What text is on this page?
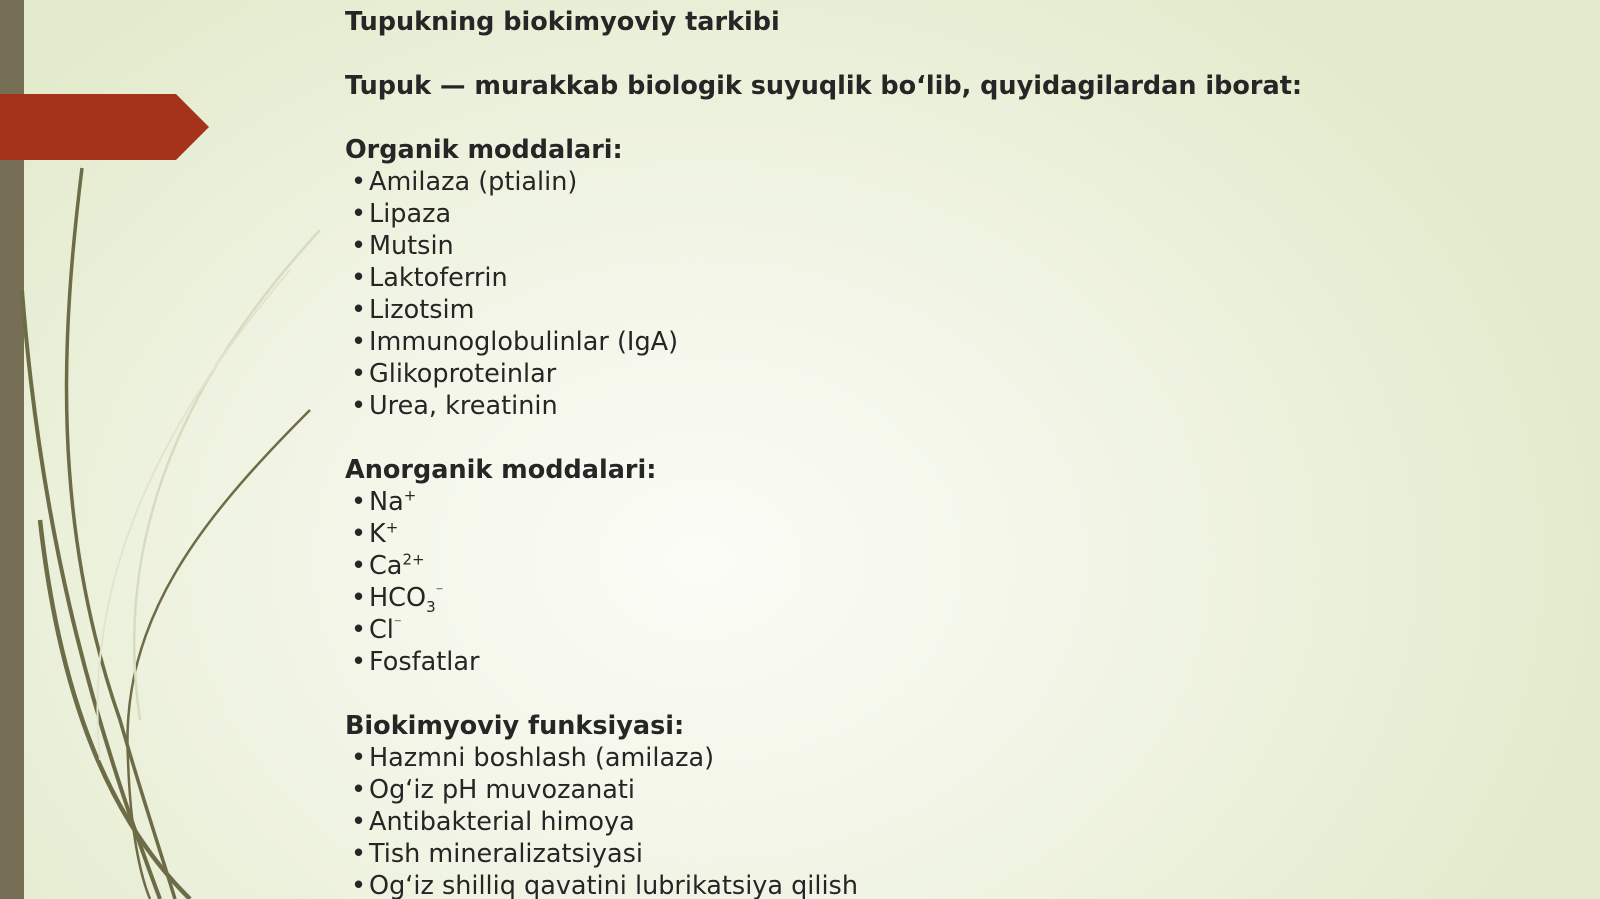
Tupukning biokimyoviy tarkibi
Tupuk — murakkab biologik suyuqlik bo‘lib, quyidagilardan iborat:
Organik moddalari:
• Amilaza (ptialin)
• Lipaza
• Mutsin
• Laktoferrin
• Lizotsim
• Immunoglobulinlar (IgA)
• Glikoproteinlar
• Urea, kreatinin
Anorganik moddalari:
• Na+
• K+
• $Ca^{2+}$
• $HCO_3^{^-}$
• Cl⁻
• Fosfatlar
Biokimyoviy funksiyasi:
• Hazmni boshlash (amilaza)
• Og‘iz pH muvozanati
• Antibakterial himoya
• Tish mineralizatsiyasi
• Og‘iz shilliq qavatini lubrikatsiya qilish
